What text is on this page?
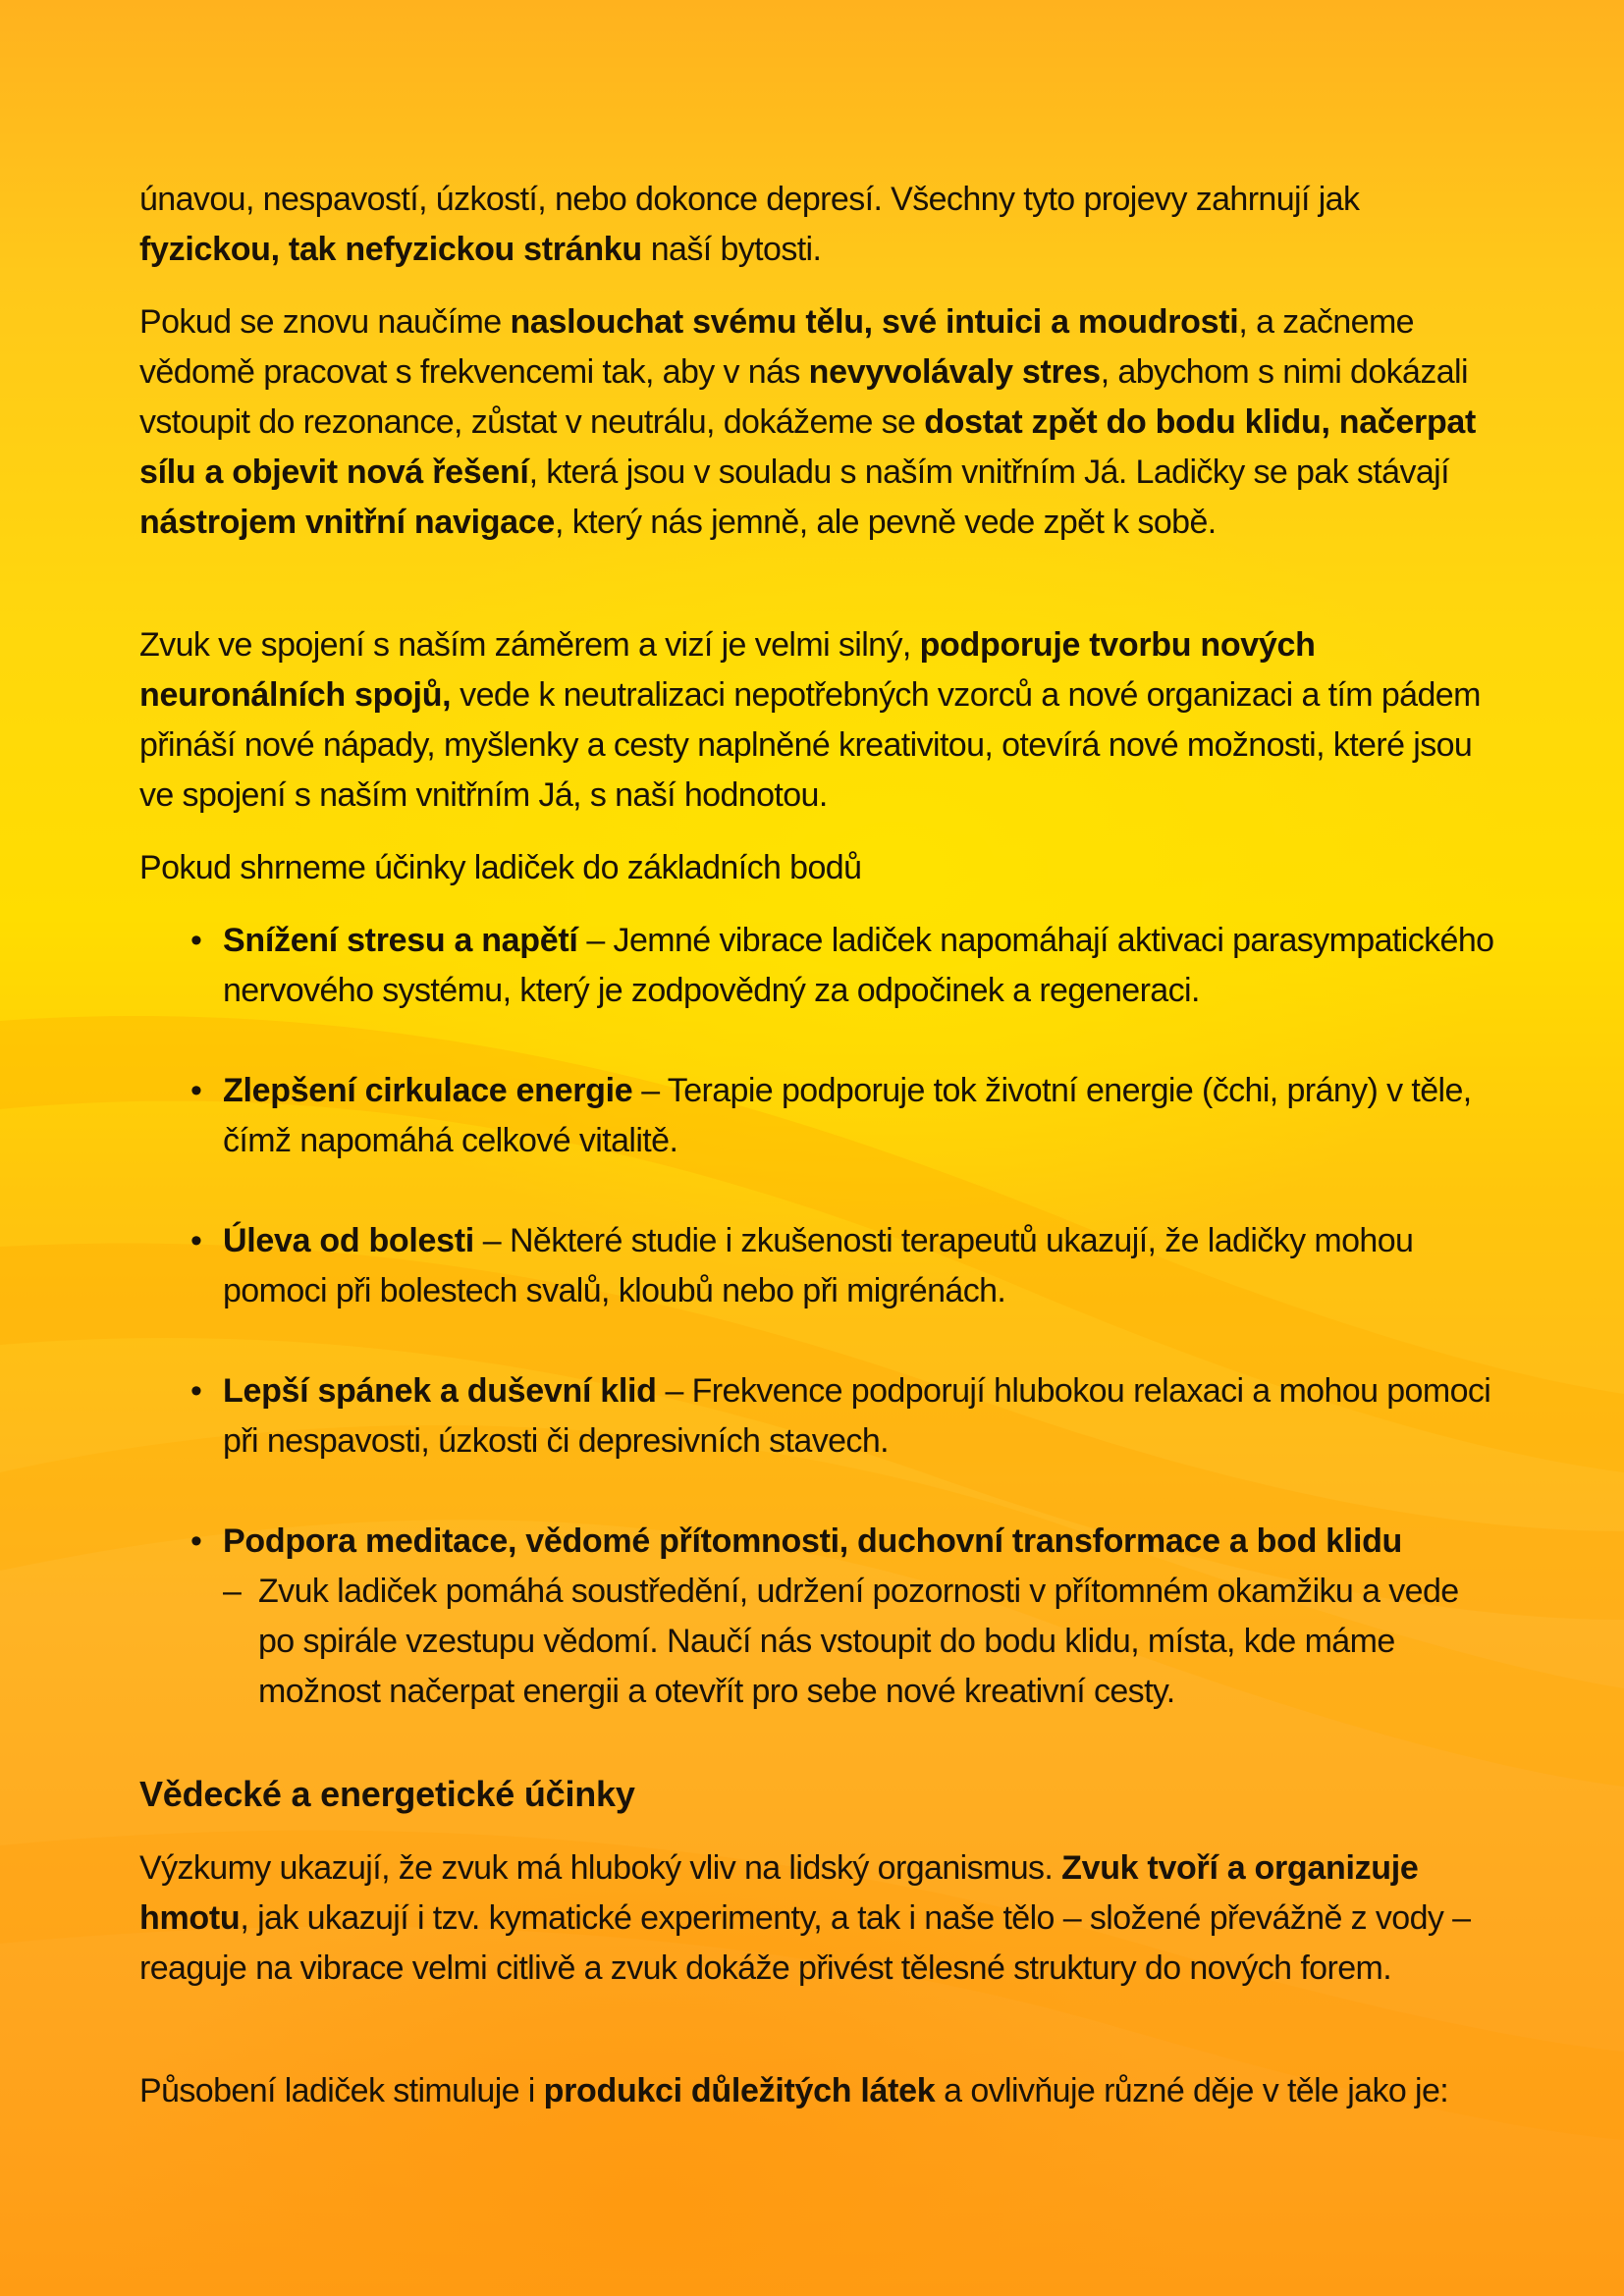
únavou, nespavostí, úzkostí, nebo dokonce depresí. Všechny tyto projevy zahrnují jak fyzickou, tak nefyzickou stránku naší bytosti.

Pokud se znovu naučíme naslouchat svému tělu, své intuici a moudrosti, a začneme vědomě pracovat s frekvencemi tak, aby v nás nevyvolávaly stres, abychom s nimi dokázali vstoupit do rezonance, zůstat v neutrálu, dokážeme se dostat zpět do bodu klidu, načerpat sílu a objevit nová řešení, která jsou v souladu s naším vnitřním Já. Ladičky se pak stávají nástrojem vnitřní navigace, který nás jemně, ale pevně vede zpět k sobě.

Zvuk ve spojení s naším záměrem a vizí je velmi silný, podporuje tvorbu nových neuronálních spojů, vede k neutralizaci nepotřebných vzorců a nové organizaci a tím pádem přináší nové nápady, myšlenky a cesty naplněné kreativitou, otevírá nové možnosti, které jsou ve spojení s naším vnitřním Já, s naší hodnotou.

Pokud shrneme účinky ladiček do základních bodů

• Snížení stresu a napětí – Jemné vibrace ladiček napomáhají aktivaci parasympatického nervového systému, který je zodpovědný za odpočinek a regeneraci.
• Zlepšení cirkulace energie – Terapie podporuje tok životní energie (čchi, prány) v těle, čímž napomáhá celkové vitalitě.
• Úleva od bolesti – Některé studie i zkušenosti terapeutů ukazují, že ladičky mohou pomoci při bolestech svalů, kloubů nebo při migrénách.
• Lepší spánek a duševní klid – Frekvence podporují hlubokou relaxaci a mohou pomoci při nespavosti, úzkosti či depresivních stavech.
• Podpora meditace, vědomé přítomnosti, duchovní transformace a bod klidu
– Zvuk ladiček pomáhá soustředění, udržení pozornosti v přítomném okamžiku a vede po spirále vzestupu vědomí. Naučí nás vstoupit do bodu klidu, místa, kde máme možnost načerpat energii a otevřít pro sebe nové kreativní cesty.
Vědecké a energetické účinky

Výzkumy ukazují, že zvuk má hluboký vliv na lidský organismus. Zvuk tvoří a organizuje hmotu, jak ukazují i tzv. kymatické experimenty, a tak i naše tělo – složené převážně z vody – reaguje na vibrace velmi citlivě a zvuk dokáže přivést tělesné struktury do nových forem.

Působení ladiček stimuluje i produkci důležitých látek a ovlivňuje různé děje v těle jako je:
